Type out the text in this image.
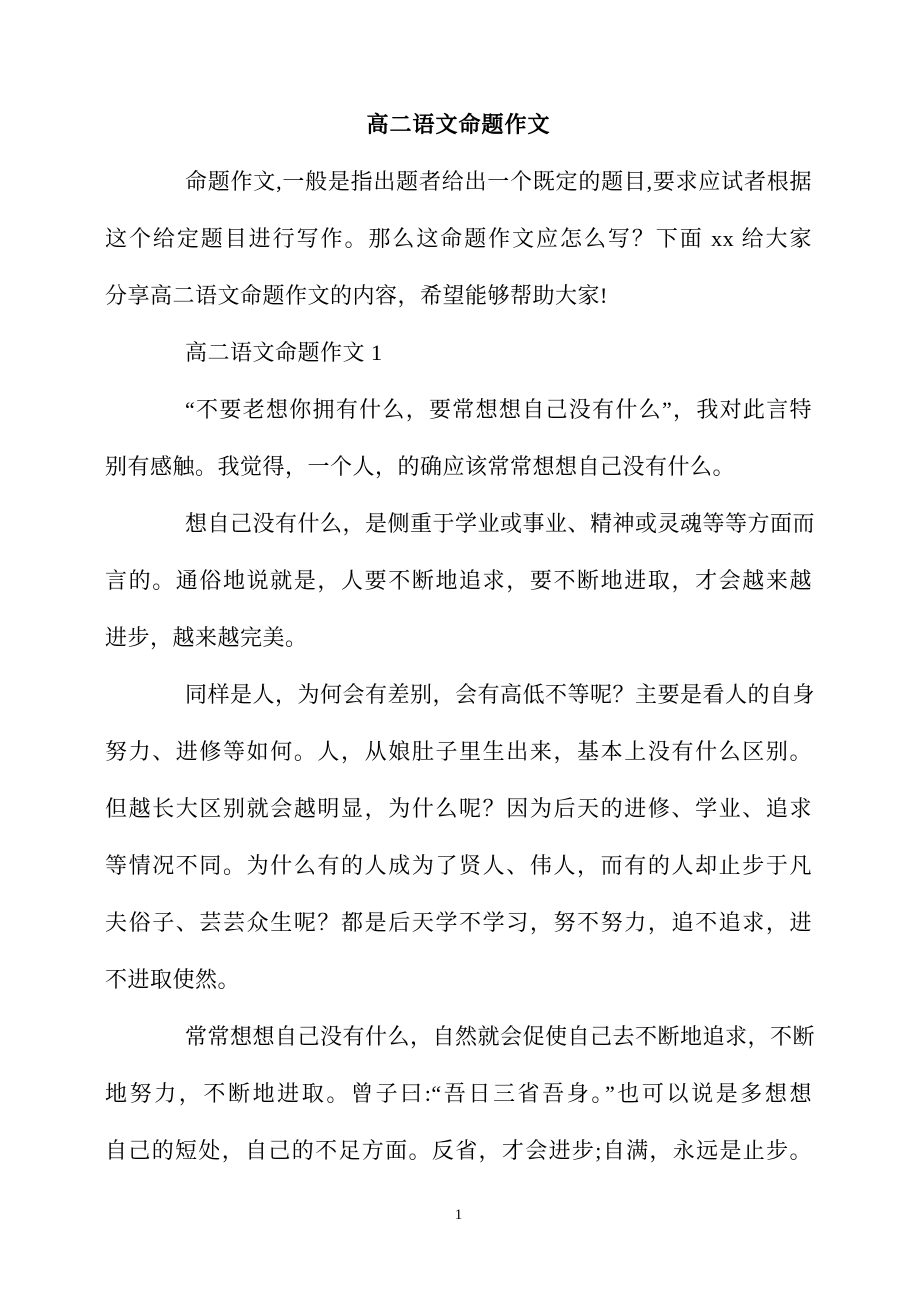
高二语文命题作文
命题作文,一般是指出题者给出一个既定的题目,要求应试者根据
这个给定题目进行写作。那么这命题作文应怎么写？下面 xx 给大家
分享高二语文命题作文的内容，希望能够帮助大家!
高二语文命题作文 1
“不要老想你拥有什么，要常想想自己没有什么”，我对此言特
别有感触。我觉得，一个人，的确应该常常想想自己没有什么。
想自己没有什么，是侧重于学业或事业、精神或灵魂等等方面而
言的。通俗地说就是，人要不断地追求，要不断地进取，才会越来越
进步，越来越完美。
同样是人，为何会有差别，会有高低不等呢？主要是看人的自身
努力、进修等如何。人，从娘肚子里生出来，基本上没有什么区别。
但越长大区别就会越明显，为什么呢？因为后天的进修、学业、追求
等情况不同。为什么有的人成为了贤人、伟人，而有的人却止步于凡
夫俗子、芸芸众生呢？都是后天学不学习，努不努力，追不追求，进
不进取使然。
常常想想自己没有什么，自然就会促使自己去不断地追求，不断
地努力，不断地进取。曾子曰:“吾日三省吾身。”也可以说是多想想
自己的短处，自己的不足方面。反省，才会进步;自满，永远是止步。
1
